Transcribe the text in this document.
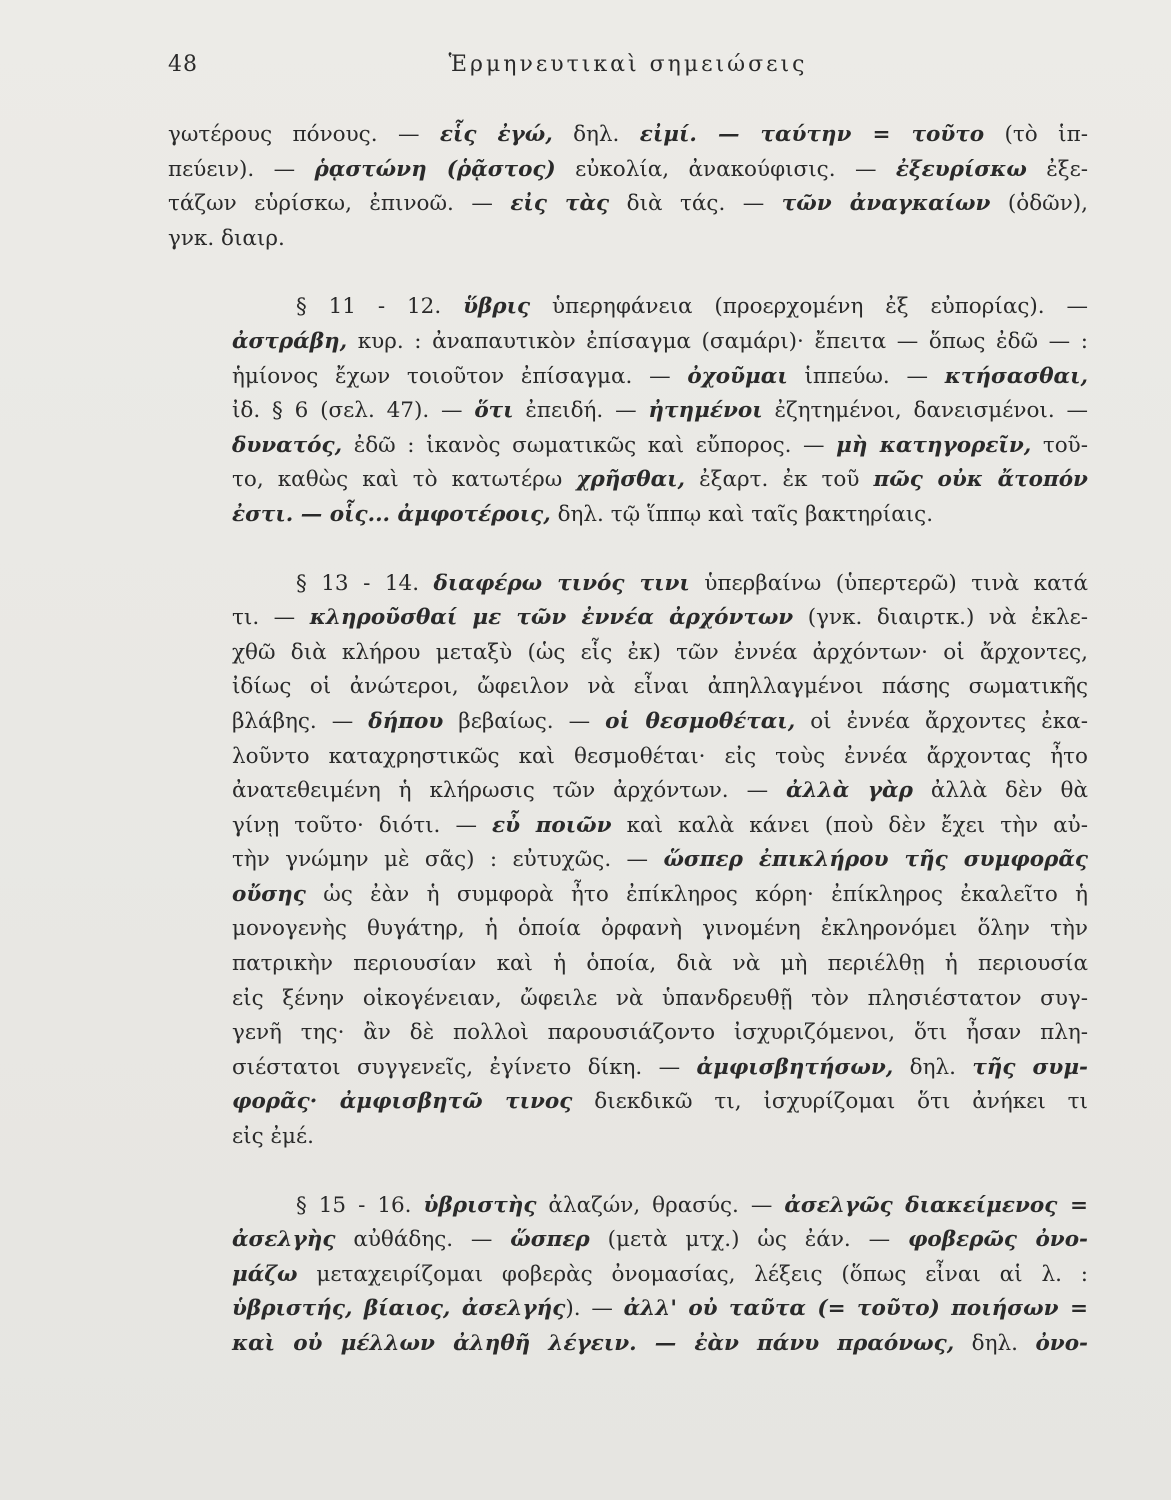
48	Ἑρμηνευτικαὶ σημειώσεις
γωτέρους πόνους. — εἷς ἐγώ, δηλ. εἰμί. — ταύτην = τοῦτο (τὸ ἱπ-
πεύειν). — ῥᾳστώνη (ῥᾷστος) εὐκολία, ἀνακούφισις. — ἐξευρίσκω ἐξε-
τάζων εὑρίσκω, ἐπινοῶ. — εἰς τὰς διὰ τάς. — τῶν ἀναγκαίων (ὁδῶν),
γνκ. διαιρ.
§ 11 - 12. ὕβρις ὑπερηφάνεια (προερχομένη ἐξ εὐπορίας). —
ἀστράβη, κυρ. : ἀναπαυτικὸν ἐπίσαγμα (σαμάρι)· ἔπειτα — ὅπως ἐδῶ — :
ἡμίονος ἔχων τοιοῦτον ἐπίσαγμα. — ὀχοῦμαι ἱππεύω. — κτήσασθαι,
ἰδ. § 6 (σελ. 47). — ὅτι ἐπειδή. — ἠτημένοι ἐζητημένοι, δανεισμένοι. —
δυνατός, ἐδῶ : ἱκανὸς σωματικῶς καὶ εὔπορος. — μὴ κατηγορεῖν, τοῦ-
το, καθὼς καὶ τὸ κατωτέρω χρῆσθαι, ἐξαρτ. ἐκ τοῦ πῶς οὐκ ἄτοπόν
ἐστι. — οἷς... ἀμφοτέροις, δηλ. τῷ ἵππῳ καὶ ταῖς βακτηρίαις.
§ 13 - 14. διαφέρω τινός τινι ὑπερβαίνω (ὑπερτερῶ) τινὰ κατά
τι. — κληροῦσθαί με τῶν ἐννέα ἀρχόντων (γνκ. διαιρτκ.) νὰ ἐκλε-
χθῶ διὰ κλήρου μεταξὺ (ὡς εἷς ἐκ) τῶν ἐννέα ἀρχόντων· οἱ ἄρχοντες,
ἰδίως οἱ ἀνώτεροι, ὤφειλον νὰ εἶναι ἀπηλλαγμένοι πάσης σωματικῆς
βλάβης. — δήπου βεβαίως. — οἱ θεσμοθέται, οἱ ἐννέα ἄρχοντες ἐκα-
λοῦντο καταχρηστικῶς καὶ θεσμοθέται· εἰς τοὺς ἐννέα ἄρχοντας ἦτο
ἀνατεθειμένη ἡ κλήρωσις τῶν ἀρχόντων. — ἀλλὰ γὰρ ἀλλὰ δὲν θὰ
γίνῃ τοῦτο· διότι. — εὖ ποιῶν καὶ καλὰ κάνει (ποὺ δὲν ἔχει τὴν αὐ-
τὴν γνώμην μὲ σᾶς) : εὐτυχῶς. — ὥσπερ ἐπικλήρου τῆς συμφορᾶς
οὔσης ὡς ἐὰν ἡ συμφορὰ ἦτο ἐπίκληρος κόρη· ἐπίκληρος ἐκαλεῖτο ἡ
μονογενὴς θυγάτηρ, ἡ ὁποία ὀρφανὴ γινομένη ἐκληρονόμει ὅλην τὴν
πατρικὴν περιουσίαν καὶ ἡ ὁποία, διὰ νὰ μὴ περιέλθῃ ἡ περιουσία
εἰς ξένην οἰκογένειαν, ὤφειλε νὰ ὑπανδρευθῇ τὸν πλησιέστατον συγ-
γενῆ της· ἂν δὲ πολλοὶ παρουσιάζοντο ἰσχυριζόμενοι, ὅτι ἦσαν πλη-
σιέστατοι συγγενεῖς, ἐγίνετο δίκη. — ἀμφισβητήσων, δηλ. τῆς συμ-
φορᾶς· ἀμφισβητῶ τινος διεκδικῶ τι, ἰσχυρίζομαι ὅτι ἀνήκει τι
εἰς ἐμέ.
§ 15 - 16. ὑβριστὴς ἀλαζών, θρασύς. — ἀσελγῶς διακείμενος =
ἀσελγὴς αὐθάδης. — ὥσπερ (μετὰ μτχ.) ὡς ἐάν. — φοβερῶς ὀνο-
μάζω μεταχειρίζομαι φοβερὰς ὀνομασίας, λέξεις (ὅπως εἶναι αἱ λ. :
ὑβριστής, βίαιος, ἀσελγής). — ἀλλ' οὐ ταῦτα (= τοῦτο) ποιήσων =
καὶ οὐ μέλλων ἀληθῆ λέγειν. — ἐὰν πάνυ πραόνως, δηλ. ὀνο-
